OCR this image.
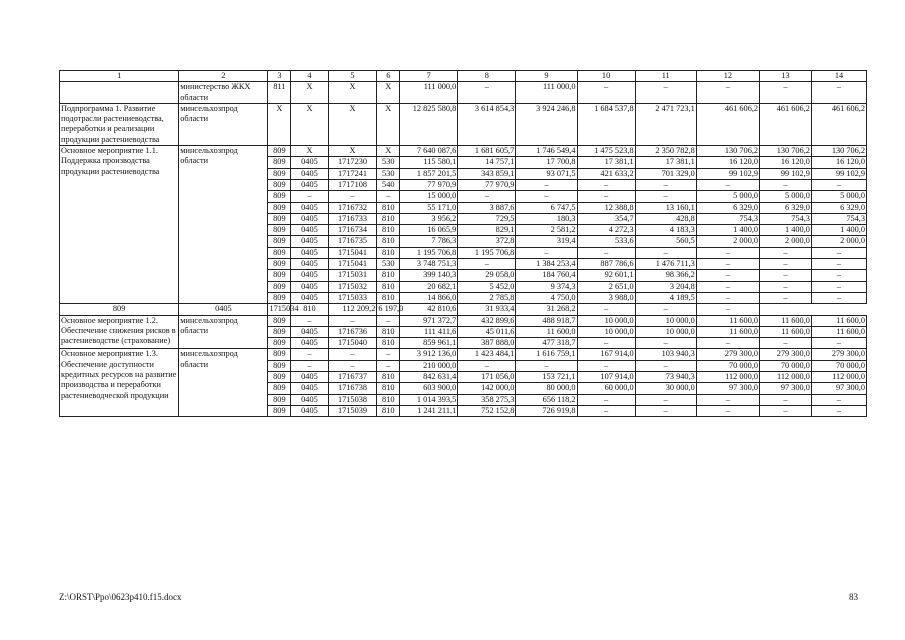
1	2	3	4	5	6	7	8	9	10	11	12	13	14
	министерство ЖКХ области	811	Х	Х	Х	111 000,0	–	111 000,0	–	–	–	–	–
Подпрограмма 1. Развитие подотрасли растениеводства, переработки и реализации продукции растениеводства	минсельхозпрод области	Х	Х	Х	Х	12 825 580,8	3 614 854,3	3 924 246,8	1 684 537,8	2 471 723,1	461 606,2	461 606,2	461 606,2
Основное мероприятие 1.1. Поддержка производства продукции растениеводства	минсельхозпрод области	809	Х	Х	Х	7 640 087,6	1 681 605,7	1 746 549,4	1 475 523,8	2 350 782,8	130 706,2	130 706,2	130 706,2
		809	0405	1717230	530	115 580,1	14 757,1	17 700,8	17 381,1	17 381,1	16 120,0	16 120,0	16 120,0
		809	0405	1717241	530	1 857 201,5	343 859,1	93 071,5	421 633,2	701 329,0	99 102,9	99 102,9	99 102,9
		809	0405	1717108	540	77 970,9	77 970,9	–	–	–	–	–	–
		809	–	–	–	15 000,0	–	–	–	–	5 000,0	5 000,0	5 000,0
		809	0405	1716732	810	55 171,0	3 887,6	6 747,5	12 388,8	13 160,1	6 329,0	6 329,0	6 329,0
		809	0405	1716733	810	3 956,2	729,5	180,3	354,7	428,8	754,3	754,3	754,3
		809	0405	1716734	810	16 065,9	829,1	2 581,2	4 272,3	4 183,3	1 400,0	1 400,0	1 400,0
		809	0405	1716735	810	7 786,3	372,8	319,4	533,6	560,5	2 000,0	2 000,0	2 000,0
		809	0405	1715041	810	1 195 706,8	1 195 706,8	–	–	–	–	–	–
		809	0405	1715041	530	3 748 751,3	–	1 384 253,4	887 786,6	1 476 711,3	–	–	–
		809	0405	1715031	810	399 140,3	29 058,0	184 760,4	92 601,1	98 366,2	–	–	–
		809	0405	1715032	810	20 682,1	5 452,0	9 374,3	2 651,0	3 204,8	–	–	–
		809	0405	1715033	810	14 866,0	2 785,8	4 750,0	3 988,0	4 189,5	–	–	–
809	0405	1715034	810	112 209,2	6 197,0	42 810,6	31 933,4	31 268,2	–	–	–		
Основное мероприятие 1.2. Обеспечение снижения рисков в растениеводстве (страхование)	минсельхозпрод области	809	–	–	–	971 372,7	432 899,6	488 918,7	10 000,0	10 000,0	11 600,0	11 600,0	11 600,0
		809	0405	1716736	810	111 411,6	45 011,6	11 600,0	10 000,0	10 000,0	11 600,0	11 600,0	11 600,0
		809	0405	1715040	810	859 961,1	387 888,0	477 318,7	–	–	–	–	–
Основное мероприятие 1.3. Обеспечение доступности кредитных ресурсов на развитие производства и переработки растениеводческой продукции	минсельхозпрод области	809	–	–	–	3 912 136,0	1 423 484,1	1 616 759,1	167 914,0	103 940,3	279 300,0	279 300,0	279 300,0
		809	–	–	–	210 000,0	–	–	–	–	70 000,0	70 000,0	70 000,0
		809	0405	1716737	810	842 631,4	171 056,0	153 721,1	107 914,0	73 940,3	112 000,0	112 000,0	112 000,0
		809	0405	1716738	810	603 900,0	142 000,0	80 000,0	60 000,0	30 000,0	97 300,0	97 300,0	97 300,0
		809	0405	1715038	810	1 014 393,5	358 275,3	656 118,2	–	–	–	–	–
		809	0405	1715039	810	1 241 211,1	752 152,8	726 919,8	–	–	–	–	–
Z:\ORST\Ppo\0623p410.f15.docx	83
